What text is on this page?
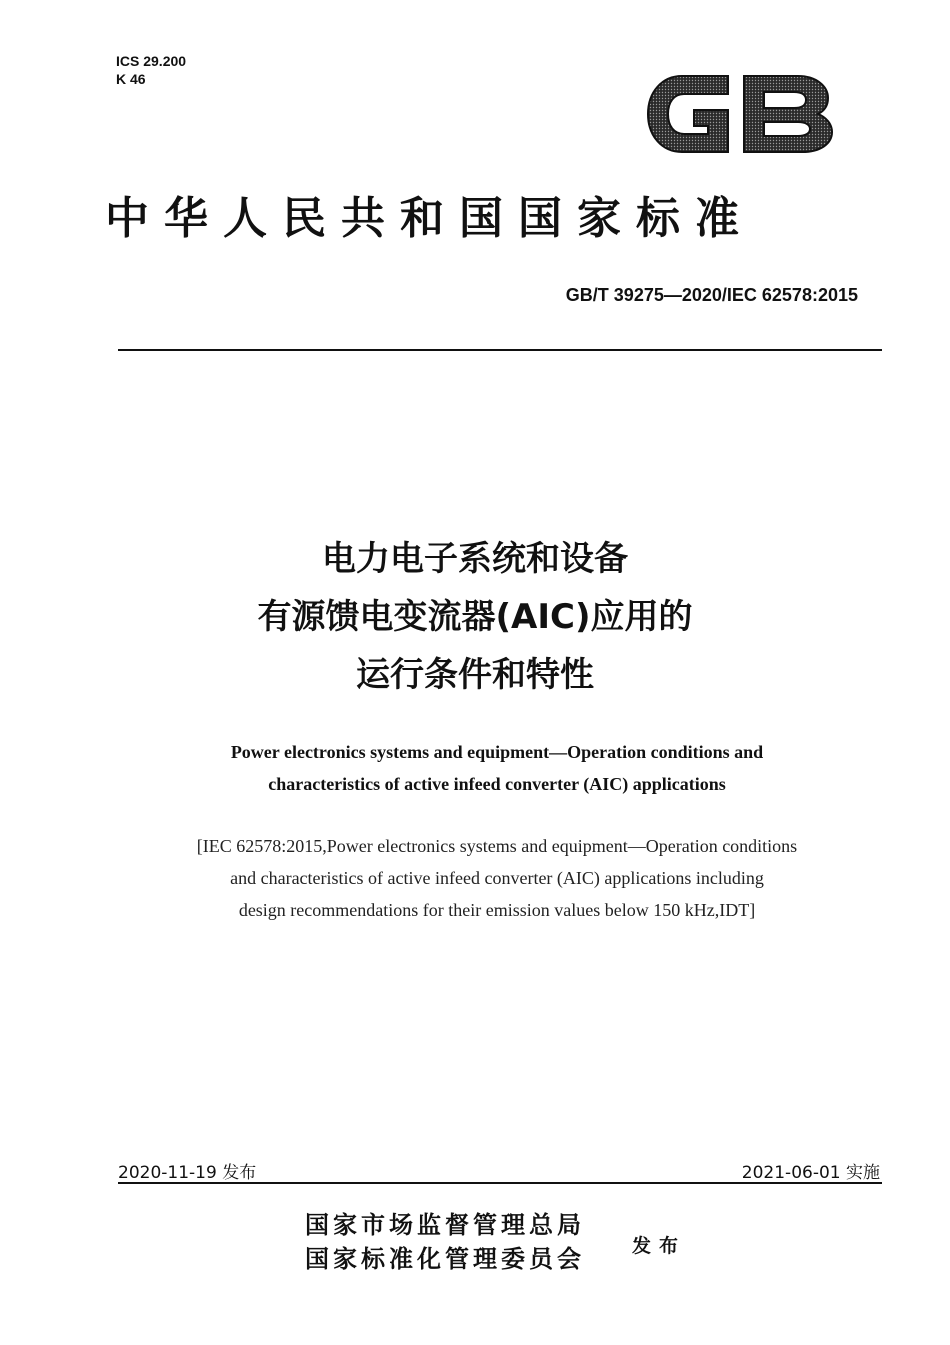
ICS 29.200
K 46
中华人民共和国国家标准
GB/T 39275—2020/IEC 62578:2015
电力电子系统和设备
有源馈电变流器(AIC)应用的
运行条件和特性
Power electronics systems and equipment—Operation conditions and
characteristics of active infeed converter (AIC) applications
[IEC 62578:2015,Power electronics systems and equipment—Operation conditions
and characteristics of active infeed converter (AIC) applications including
design recommendations for their emission values below 150 kHz,IDT]
2020-11-19 发布	2021-06-01 实施
国家市场监督管理总局
国家标准化管理委员会 发布
